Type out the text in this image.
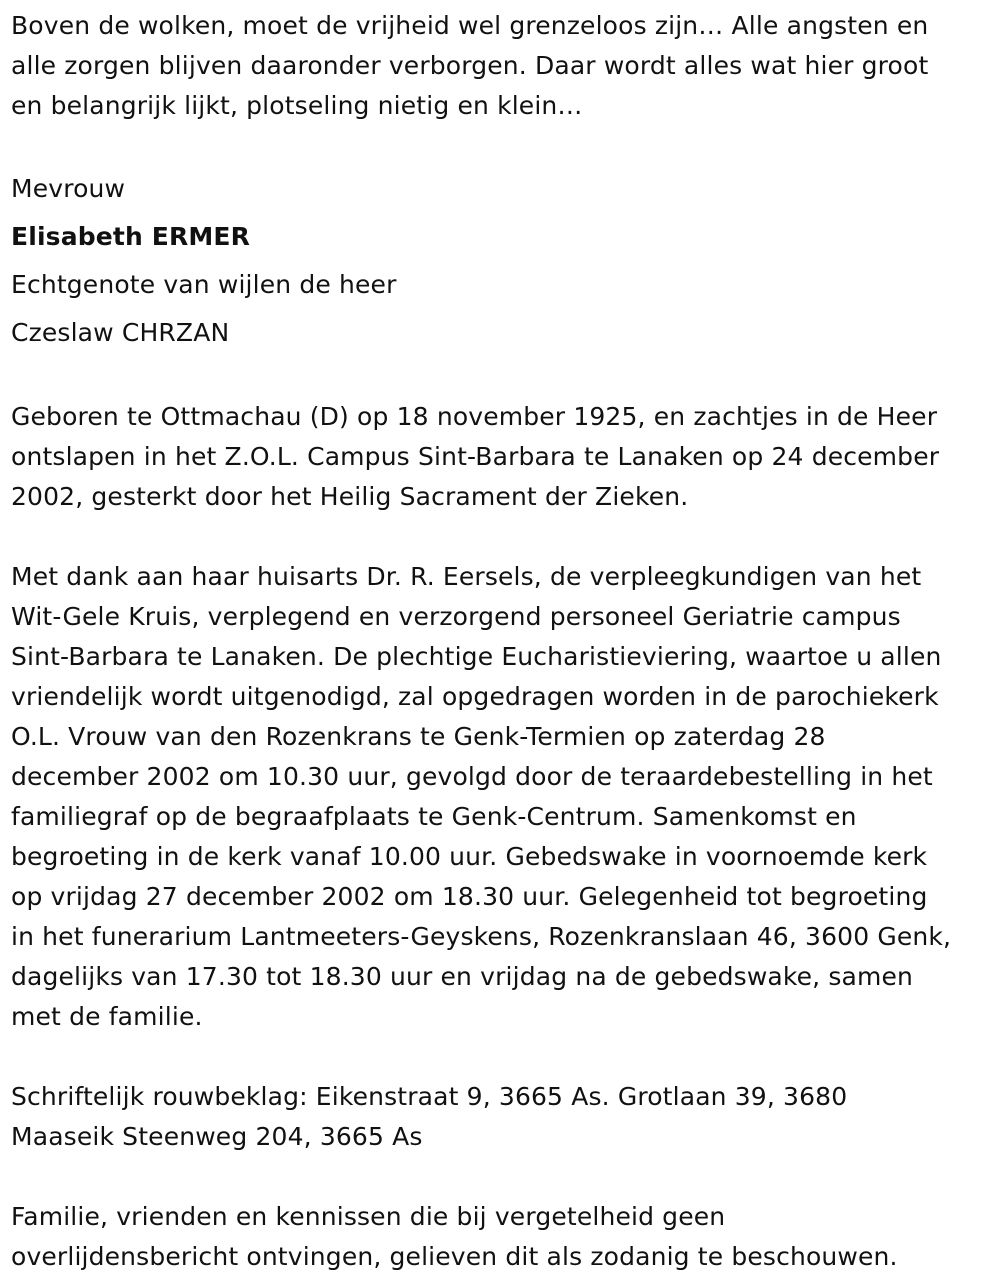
Boven de wolken, moet de vrijheid wel grenzeloos zijn… Alle angsten en
alle zorgen blijven daaronder verborgen. Daar wordt alles wat hier groot
en belangrijk lijkt, plotseling nietig en klein…

Mevrouw
Elisabeth ERMER
Echtgenote van wijlen de heer
Czeslaw CHRZAN

Geboren te Ottmachau (D) op 18 november 1925, en zachtjes in de Heer
ontslapen in het Z.O.L. Campus Sint-Barbara te Lanaken op 24 december
2002, gesterkt door het Heilig Sacrament der Zieken.

Met dank aan haar huisarts Dr. R. Eersels, de verpleegkundigen van het
Wit-Gele Kruis, verplegend en verzorgend personeel Geriatrie campus
Sint-Barbara te Lanaken. De plechtige Eucharistieviering, waartoe u allen
vriendelijk wordt uitgenodigd, zal opgedragen worden in de parochiekerk
O.L. Vrouw van den Rozenkrans te Genk-Termien op zaterdag 28
december 2002 om 10.30 uur, gevolgd door de teraardebestelling in het
familiegraf op de begraafplaats te Genk-Centrum. Samenkomst en
begroeting in de kerk vanaf 10.00 uur. Gebedswake in voornoemde kerk
op vrijdag 27 december 2002 om 18.30 uur. Gelegenheid tot begroeting
in het funerarium Lantmeeters-Geyskens, Rozenkranslaan 46, 3600 Genk,
dagelijks van 17.30 tot 18.30 uur en vrijdag na de gebedswake, samen
met de familie.

Schriftelijk rouwbeklag: Eikenstraat 9, 3665 As. Grotlaan 39, 3680
Maaseik Steenweg 204, 3665 As

Familie, vrienden en kennissen die bij vergetelheid geen
overlijdensbericht ontvingen, gelieven dit als zodanig te beschouwen.
